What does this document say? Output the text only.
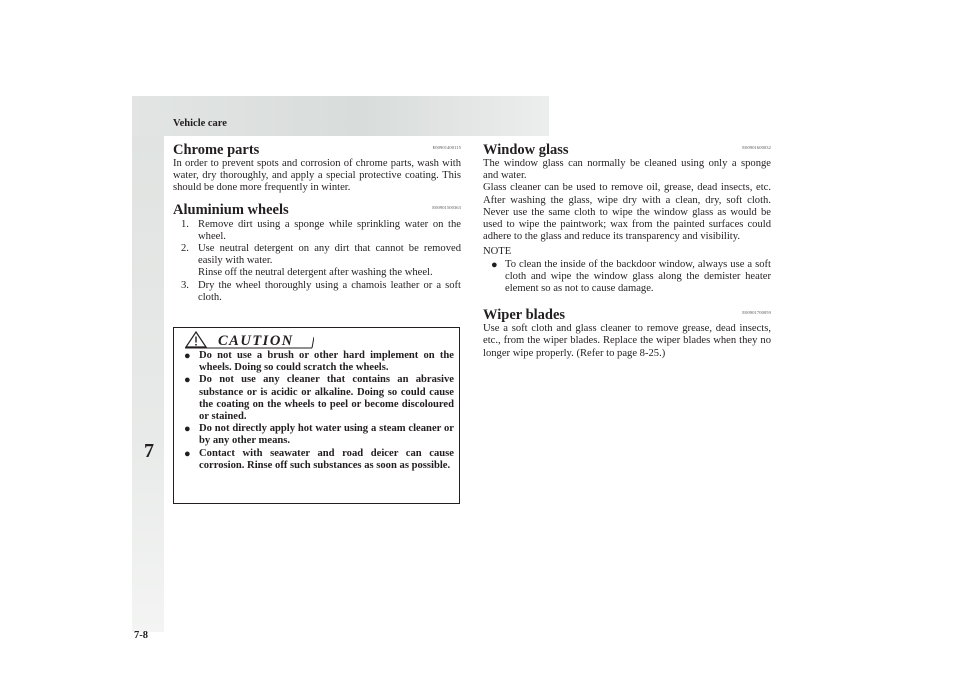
Vehicle care
7
7-8
Chrome parts	E00901400115

In order to prevent spots and corrosion of chrome parts, wash with water, dry thoroughly, and apply a special protective coating. This should be done more frequently in winter.

Aluminium wheels	E00901500363
1. Remove dirt using a sponge while sprinkling water on the wheel.
2. Use neutral detergent on any dirt that cannot be removed easily with water.
Rinse off the neutral detergent after washing the wheel.
3. Dry the wheel thoroughly using a chamois leather or a soft cloth.
CAUTION
● Do not use a brush or other hard implement on the wheels. Doing so could scratch the wheels.
● Do not use any cleaner that contains an abrasive substance or is acidic or alkaline. Doing so could cause the coating on the wheels to peel or become discoloured or stained.
● Do not directly apply hot water using a steam cleaner or by any other means.
● Contact with seawater and road deicer can cause corrosion. Rinse off such substances as soon as possible.
Window glass	E00901600032

The window glass can normally be cleaned using only a sponge and water.

Glass cleaner can be used to remove oil, grease, dead insects, etc. After washing the glass, wipe dry with a clean, dry, soft cloth. Never use the same cloth to wipe the window glass as would be used to wipe the paintwork; wax from the painted surfaces could adhere to the glass and reduce its transparency and visibility.

NOTE
● To clean the inside of the backdoor window, always use a soft cloth and wipe the window glass along the demister heater element so as not to cause damage.
Wiper blades	E00901700059

Use a soft cloth and glass cleaner to remove grease, dead insects, etc., from the wiper blades. Replace the wiper blades when they no longer wipe properly. (Refer to page 8-25.)
